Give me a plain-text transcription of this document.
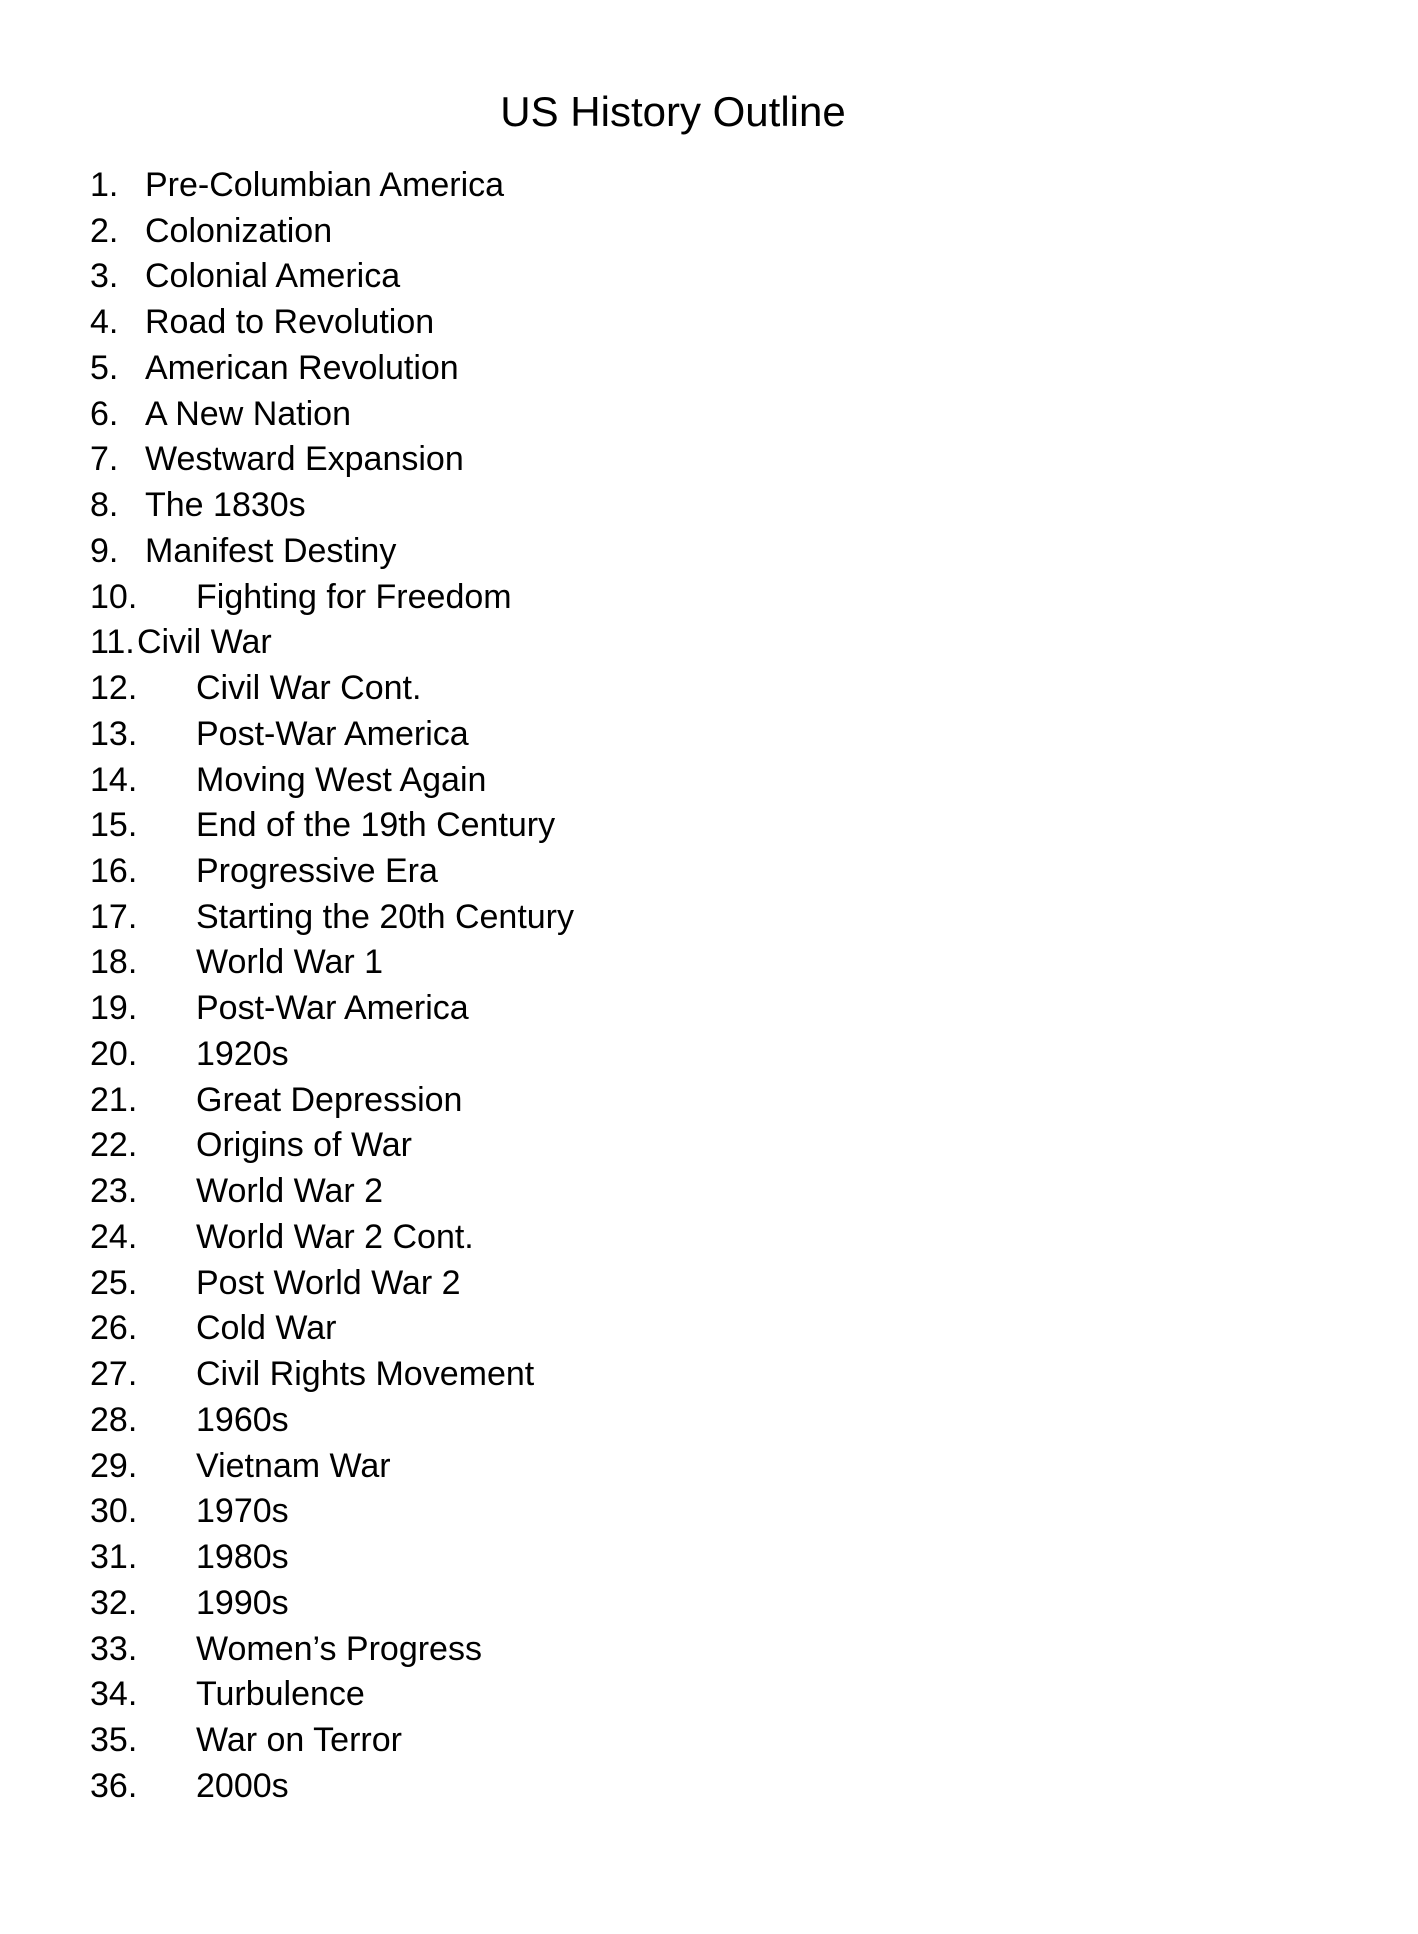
US History Outline
1. Pre-Columbian America
2. Colonization
3. Colonial America
4. Road to Revolution
5. American Revolution
6. A New Nation
7. Westward Expansion
8. The 1830s
9. Manifest Destiny
10. Fighting for Freedom
11. Civil War
12. Civil War Cont.
13. Post-War America
14. Moving West Again
15. End of the 19th Century
16. Progressive Era
17. Starting the 20th Century
18. World War 1
19. Post-War America
20. 1920s
21. Great Depression
22. Origins of War
23. World War 2
24. World War 2 Cont.
25. Post World War 2
26. Cold War
27. Civil Rights Movement
28. 1960s
29. Vietnam War
30. 1970s
31. 1980s
32. 1990s
33. Women’s Progress
34. Turbulence
35. War on Terror
36. 2000s
